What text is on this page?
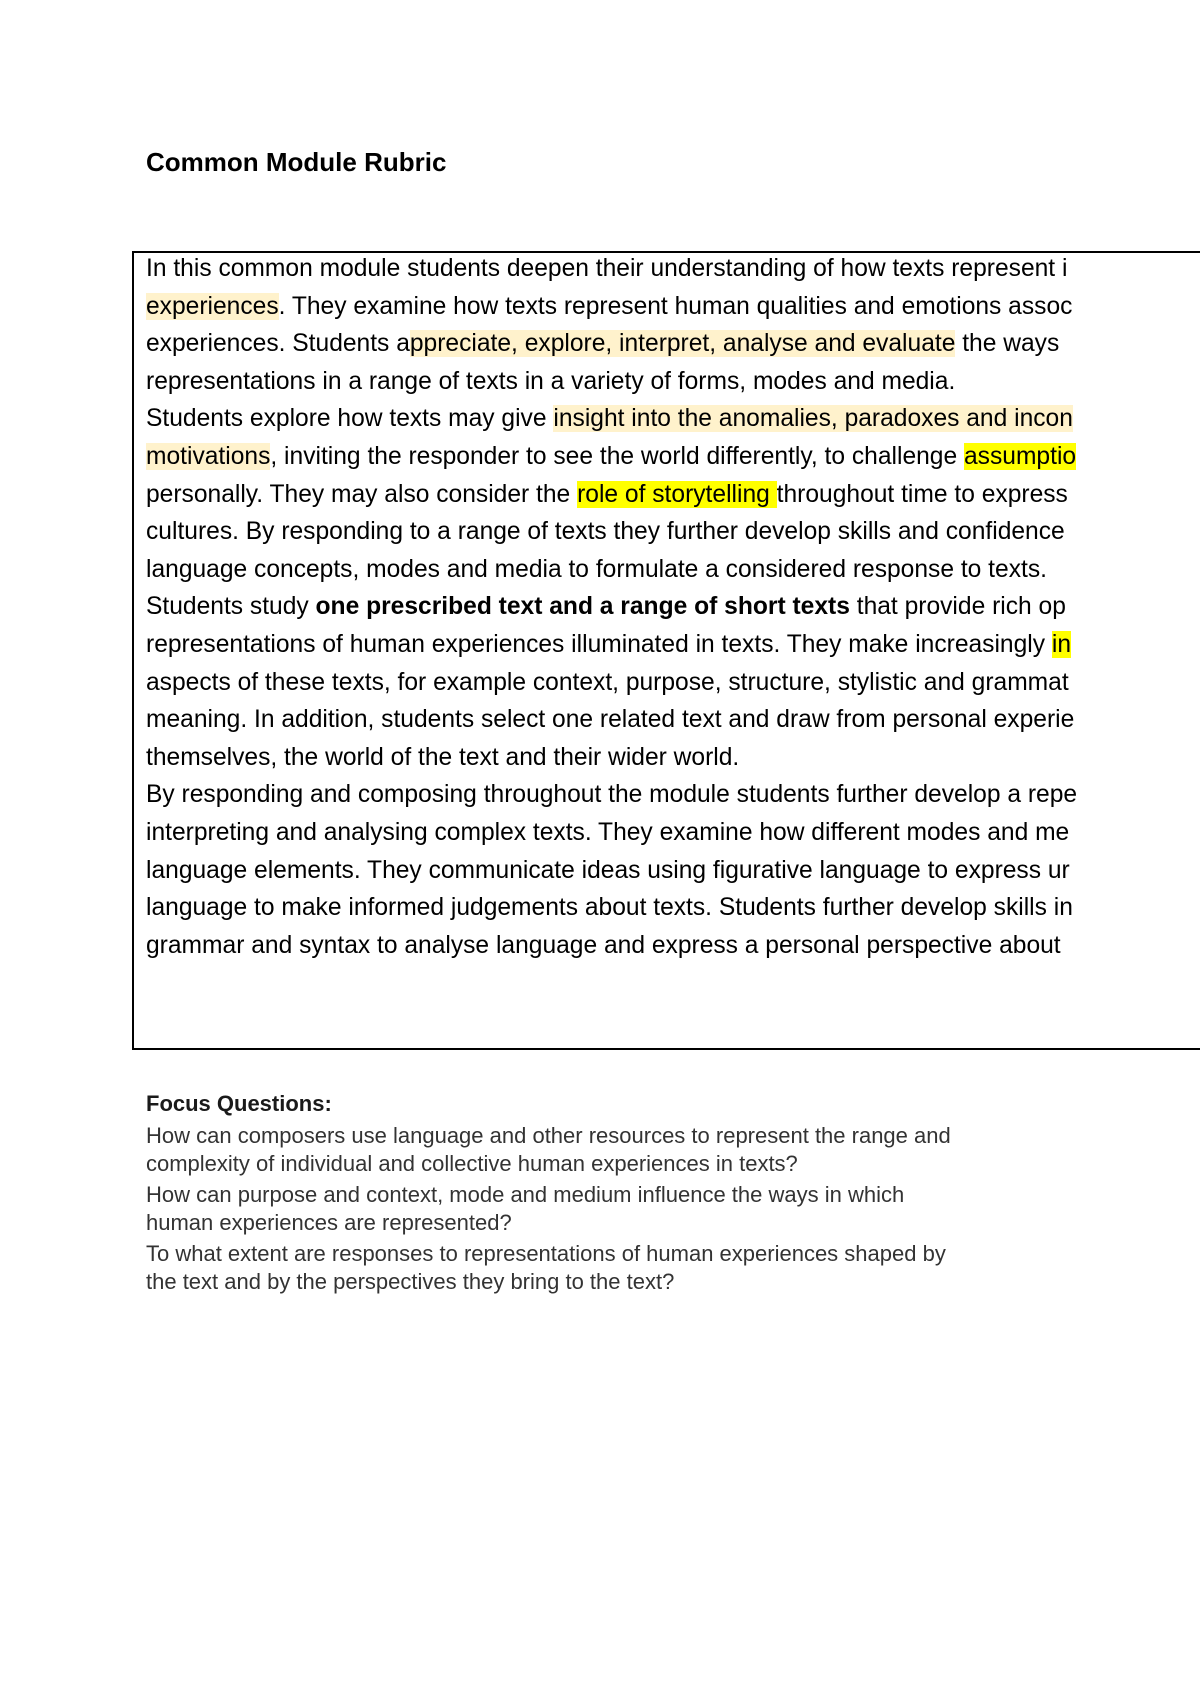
Common Module Rubric
In this common module students deepen their understanding of how texts represent i
experiences. They examine how texts represent human qualities and emotions assoc
experiences. Students appreciate, explore, interpret, analyse and evaluate the ways
representations in a range of texts in a variety of forms, modes and media.
Students explore how texts may give insight into the anomalies, paradoxes and incon
motivations, inviting the responder to see the world differently, to challenge assumptio
personally. They may also consider the role of storytelling throughout time to express
cultures. By responding to a range of texts they further develop skills and confidence
language concepts, modes and media to formulate a considered response to texts.
Students study one prescribed text and a range of short texts that provide rich op
representations of human experiences illuminated in texts. They make increasingly in
aspects of these texts, for example context, purpose, structure, stylistic and grammat
meaning. In addition, students select one related text and draw from personal experie
themselves, the world of the text and their wider world.
By responding and composing throughout the module students further develop a repe
interpreting and analysing complex texts. They examine how different modes and me
language elements. They communicate ideas using figurative language to express ur
language to make informed judgements about texts. Students further develop skills in
grammar and syntax to analyse language and express a personal perspective about
Focus Questions:
How can composers use language and other resources to represent the range and
complexity of individual and collective human experiences in texts?
How can purpose and context, mode and medium influence the ways in which
human experiences are represented?
To what extent are responses to representations of human experiences shaped by
the text and by the perspectives they bring to the text?
